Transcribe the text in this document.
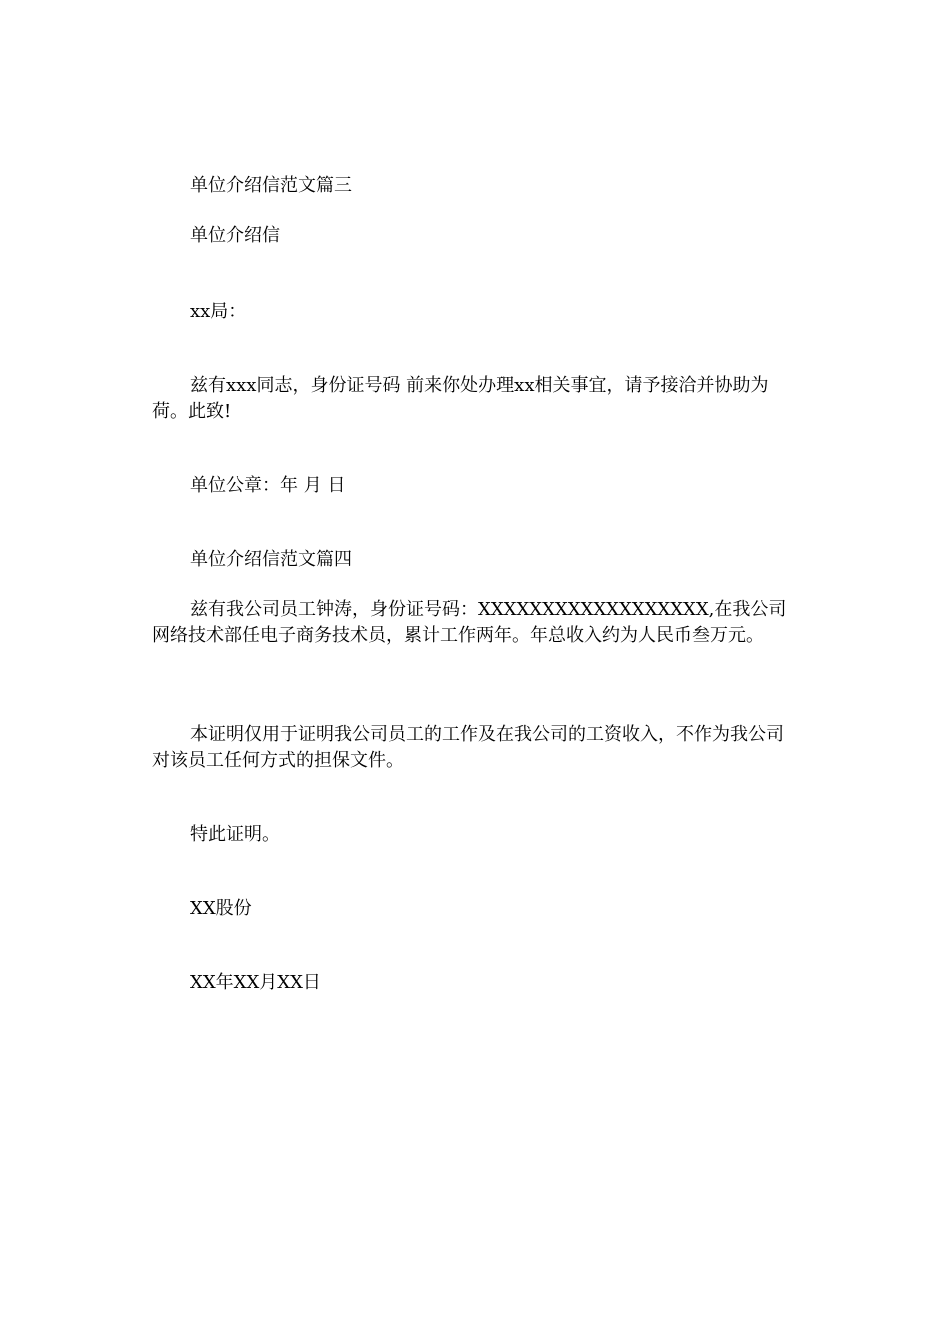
单位介绍信范文篇三

单位介绍信

xx局：

兹有xxx同志，身份证号码 前来你处办理xx相关事宜，请予接洽并协助为荷。此致!

单位公章：年 月 日

单位介绍信范文篇四

兹有我公司员工钟涛，身份证号码：XXXXXXXXXXXXXXXXXX,在我公司网络技术部任电子商务技术员，累计工作两年。年总收入约为人民币叁万元。

本证明仅用于证明我公司员工的工作及在我公司的工资收入，不作为我公司对该员工任何方式的担保文件。

特此证明。

XX股份

XX年XX月XX日
